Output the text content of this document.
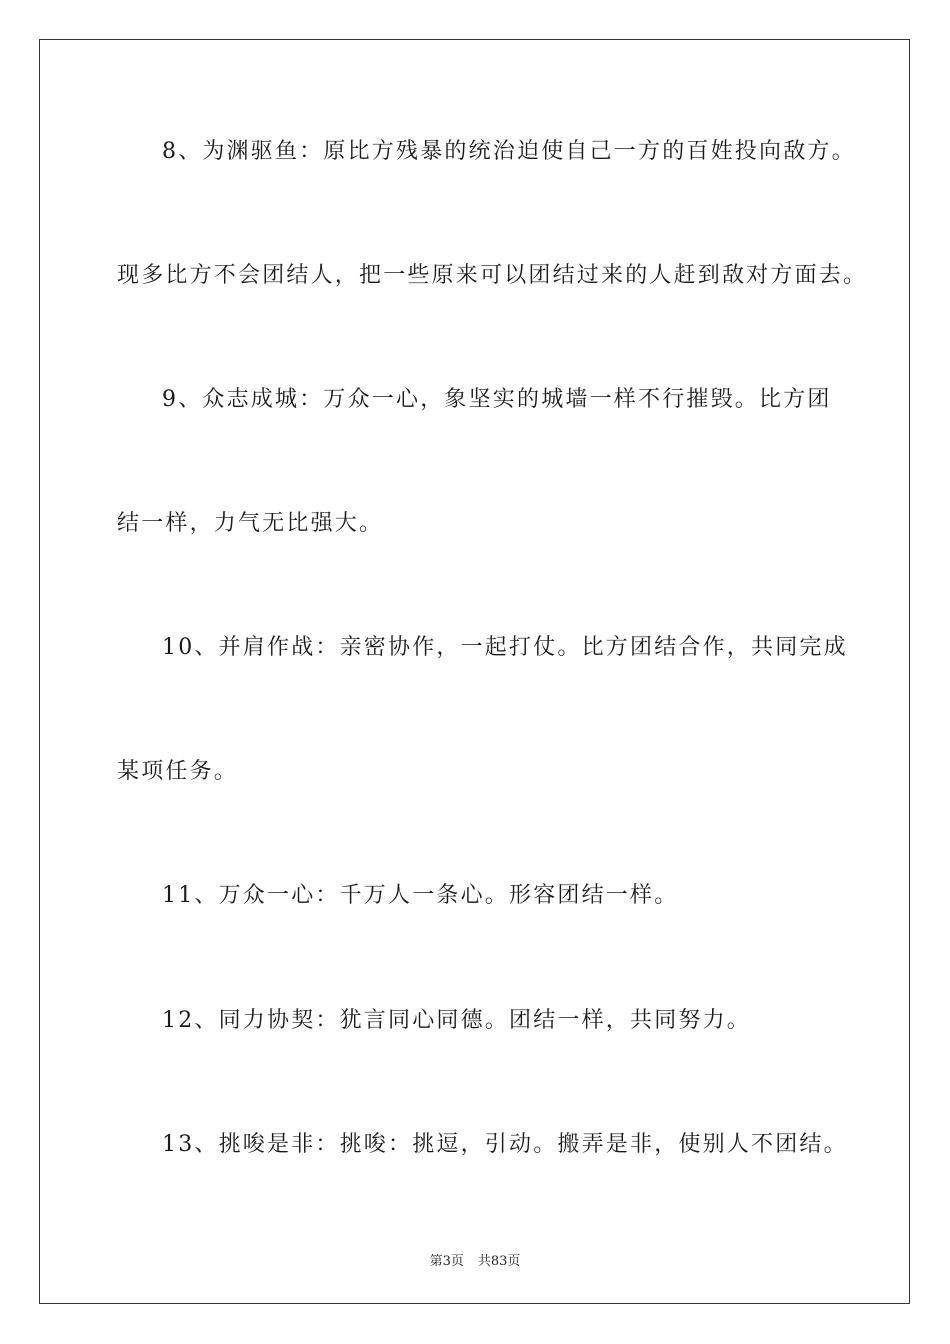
8、为渊驱鱼：原比方残暴的统治迫使自己一方的百姓投向敌方。
现多比方不会团结人，把一些原来可以团结过来的人赶到敌对方面去。
9、众志成城：万众一心，象坚实的城墙一样不行摧毁。比方团
结一样，力气无比强大。
10、并肩作战：亲密协作，一起打仗。比方团结合作，共同完成
某项任务。
11、万众一心：千万人一条心。形容团结一样。
12、同力协契：犹言同心同德。团结一样，共同努力。
13、挑唆是非：挑唆：挑逗，引动。搬弄是非，使别人不团结。
第3页 共83页
